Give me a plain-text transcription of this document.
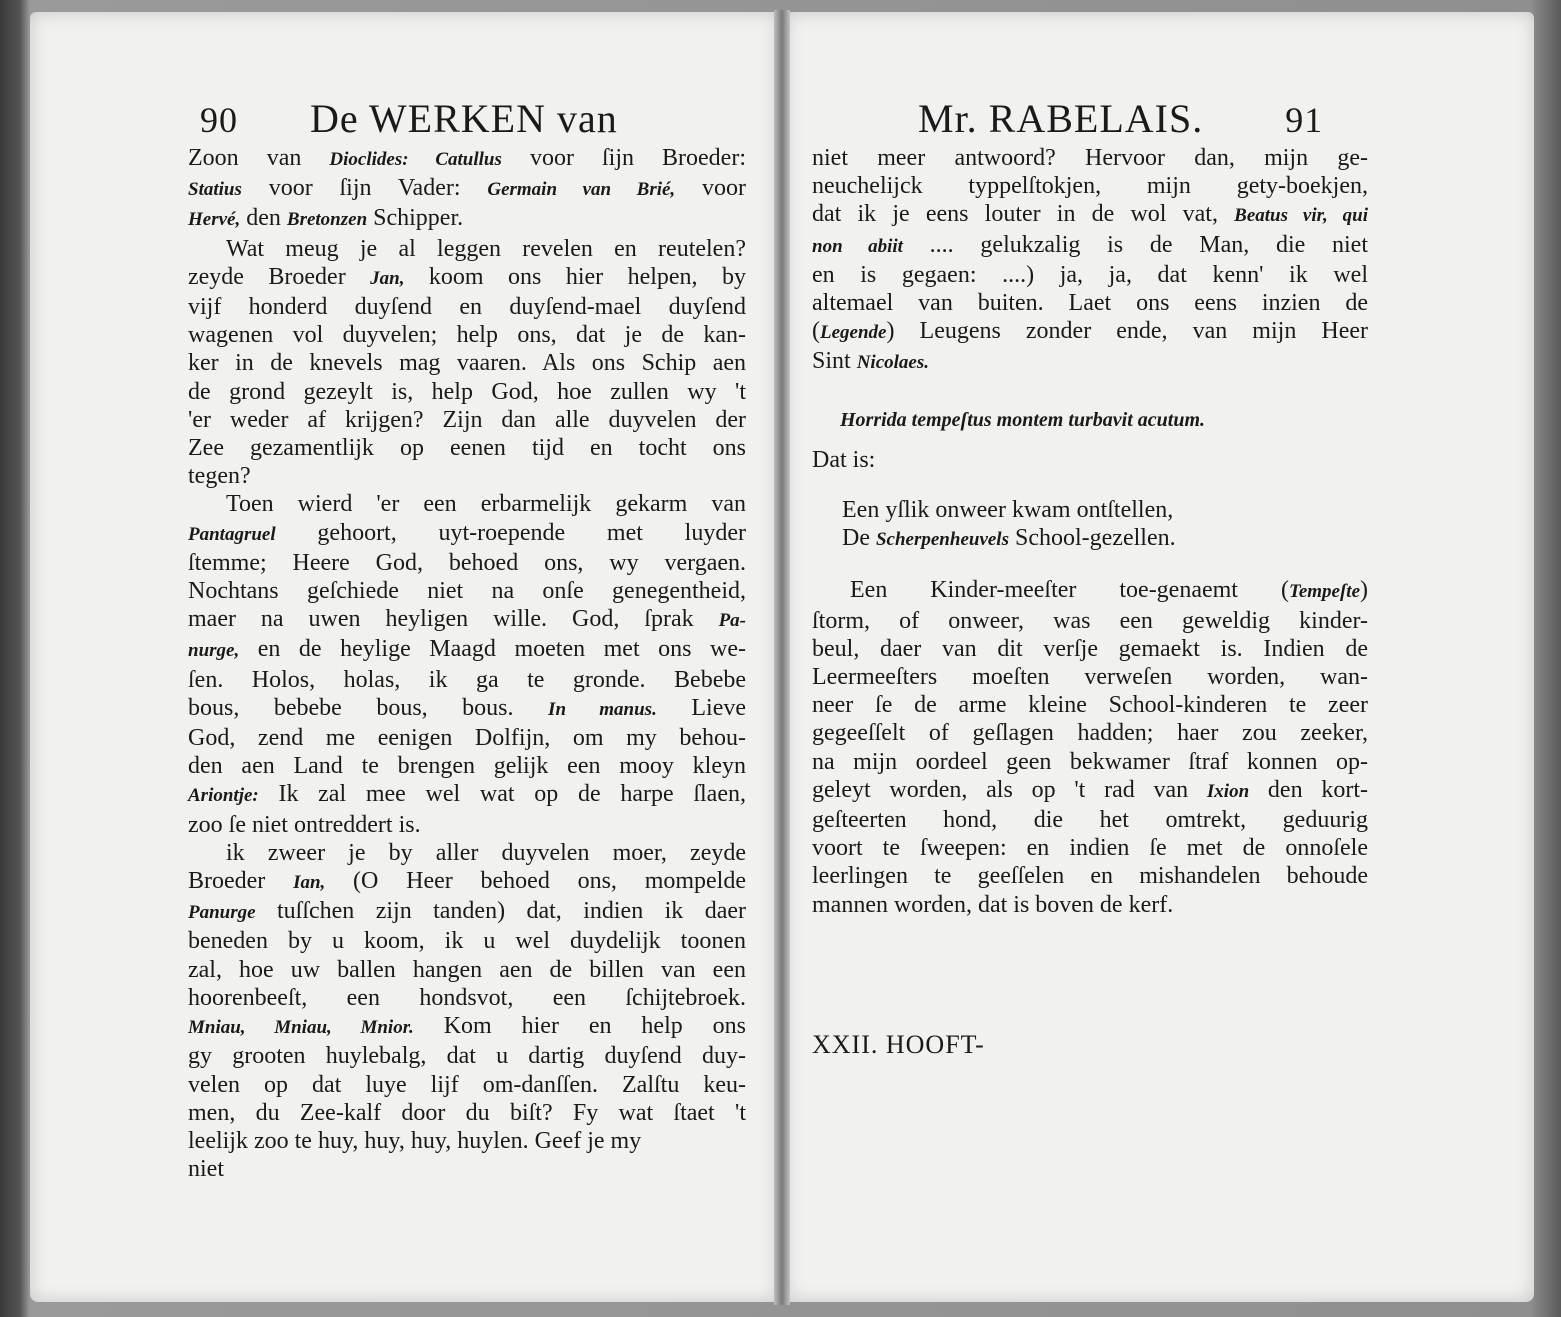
90 De WERKEN van	Mr. RABELAIS. 91

Zoon van Dioclides: Catullus voor ſijn Broeder:

Statius voor ſijn Vader: Germain van Brié, voor

Hervé, den Bretonzen Schipper.

Wat meug je al leggen revelen en reutelen?

zeyde Broeder Jan, koom ons hier helpen, by

vijf honderd duyſend en duyſend-mael duyſend

wagenen vol duyvelen; help ons, dat je de kan-

ker in de knevels mag vaaren. Als ons Schip aen

de grond gezeylt is, help God, hoe zullen wy 't

'er weder af krijgen? Zijn dan alle duyvelen der

Zee gezamentlijk op eenen tijd en tocht ons

tegen?

Toen wierd 'er een erbarmelijk gekarm van

Pantagruel gehoort, uyt-roepende met luyder

ſtemme; Heere God, behoed ons, wy vergaen.

Nochtans geſchiede niet na onſe genegentheid,

maer na uwen heyligen wille. God, ſprak Pa-

nurge, en de heylige Maagd moeten met ons we-

ſen. Holos, holas, ik ga te gronde. Bebebe

bous, bebebe bous, bous. In manus. Lieve

God, zend me eenigen Dolfijn, om my behou-

den aen Land te brengen gelijk een mooy kleyn

Ariontje: Ik zal mee wel wat op de harpe ſlaen,

zoo ſe niet ontreddert is.

ik zweer je by aller duyvelen moer, zeyde

Broeder Ian, (O Heer behoed ons, mompelde

Panurge tuſſchen zijn tanden) dat, indien ik daer

beneden by u koom, ik u wel duydelijk toonen

zal, hoe uw ballen hangen aen de billen van een

hoorenbeeſt, een hondsvot, een ſchijtebroek.

Mniau, Mniau, Mnior. Kom hier en help ons

gy grooten huylebalg, dat u dartig duyſend duy-

velen op dat luye lijf om-danſſen. Zalſtu keu-

men, du Zee-kalf door du biſt? Fy wat ſtaet 't

leelijk zoo te huy, huy, huy, huylen. Geef je my

niet

niet meer antwoord? Hervoor dan, mijn ge-

neuchelijck typpelſtokjen, mijn gety-boekjen,

dat ik je eens louter in de wol vat, Beatus vir, qui

non abiit .... gelukzalig is de Man, die niet

en is gegaen: ....) ja, ja, dat kenn' ik wel

altemael van buiten. Laet ons eens inzien de

(Legende) Leugens zonder ende, van mijn Heer

Sint Nicolaes.

Horrida tempeſtus montem turbavit acutum.

Dat is:

Een yſlik onweer kwam ontſtellen,

De Scherpenheuvels School-gezellen.

Een Kinder-meeſter toe-genaemt (Tempeſte)

ſtorm, of onweer, was een geweldig kinder-

beul, daer van dit verſje gemaekt is. Indien de

Leermeeſters moeſten verweſen worden, wan-

neer ſe de arme kleine School-kinderen te zeer

gegeeſſelt of geſlagen hadden; haer zou zeeker,

na mijn oordeel geen bekwamer ſtraf konnen op-

geleyt worden, als op 't rad van Ixion den kort-

geſteerten hond, die het omtrekt, geduurig

voort te ſweepen: en indien ſe met de onnoſele

leerlingen te geeſſelen en mishandelen behoude

mannen worden, dat is boven de kerf.

XXII. HOOFT-
